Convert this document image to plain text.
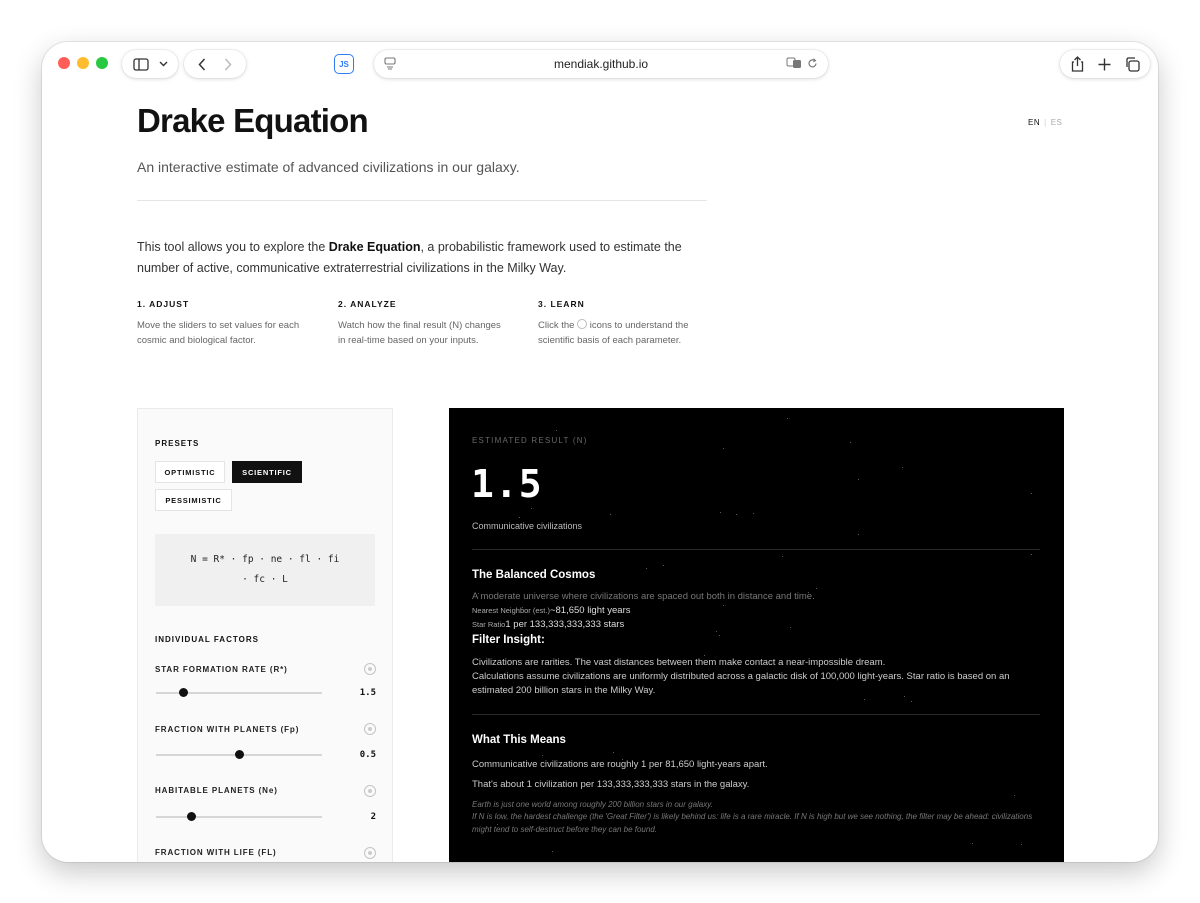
JS	mendiak.github.io

Drake Equation	EN | ES

An interactive estimate of advanced civilizations in our galaxy.

This tool allows you to explore the Drake Equation, a probabilistic framework used to estimate the number of active, communicative extraterrestrial civilizations in the Milky Way.

1. ADJUST

Move the sliders to set values for each cosmic and biological factor.

2. ANALYZE

Watch how the final result (N) changes in real-time based on your inputs.

3. LEARN

Click the  icons to understand the scientific basis of each parameter.

PRESETS
OPTIMISTIC	SCIENTIFIC
PESSIMISTIC
N = R* · fp · ne · fl · fi
· fc · L
INDIVIDUAL FACTORS
STAR FORMATION RATE (R*)
1.5
FRACTION WITH PLANETS (Fp)
0.5
HABITABLE PLANETS (Ne)
2
FRACTION WITH LIFE (FL)
ESTIMATED RESULT (N)
1.5
Communicative civilizations
The Balanced Cosmos
A moderate universe where civilizations are spaced out both in distance and time.
Nearest Neighbor (est.)~81,650 light years
Star Ratio1 per 133,333,333,333 stars
Filter Insight:
Civilizations are rarities. The vast distances between them make contact a near-impossible dream.
Calculations assume civilizations are uniformly distributed across a galactic disk of 100,000 light-years. Star ratio is based on an estimated 200 billion stars in the Milky Way.
What This Means
Communicative civilizations are roughly 1 per 81,650 light-years apart.
That's about 1 civilization per 133,333,333,333 stars in the galaxy.
Earth is just one world among roughly 200 billion stars in our galaxy.
If N is low, the hardest challenge (the 'Great Filter') is likely behind us: life is a rare miracle. If N is high but we see nothing, the filter may be ahead: civilizations might tend to self-destruct before they can be found.
